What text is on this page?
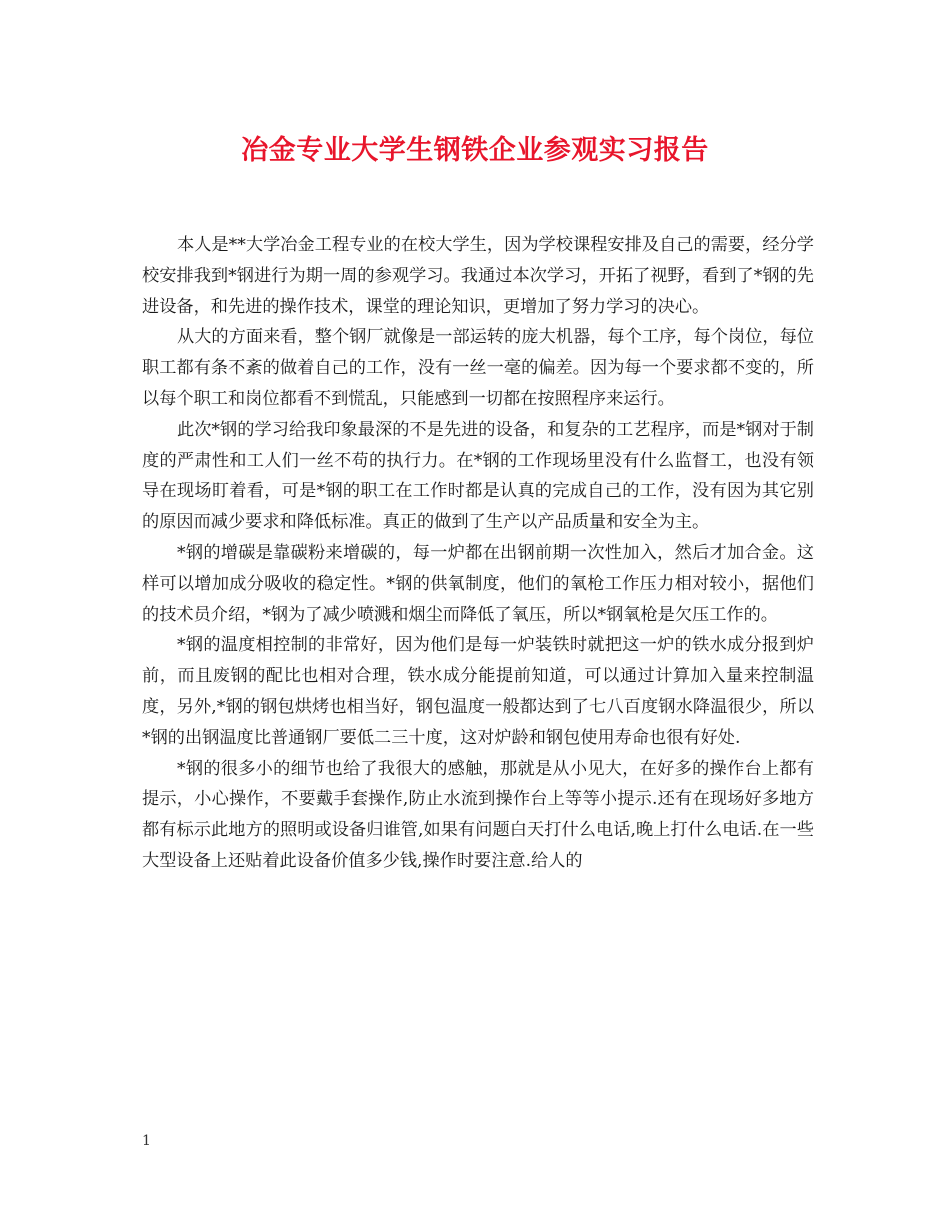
冶金专业大学生钢铁企业参观实习报告

本人是**大学冶金工程专业的在校大学生，因为学校课程安排及自己的需要，经分学校安排我到*钢进行为期一周的参观学习。我通过本次学习，开拓了视野，看到了*钢的先进设备，和先进的操作技术，课堂的理论知识，更增加了努力学习的决心。

从大的方面来看，整个钢厂就像是一部运转的庞大机器，每个工序，每个岗位，每位职工都有条不紊的做着自己的工作，没有一丝一毫的偏差。因为每一个要求都不变的，所以每个职工和岗位都看不到慌乱，只能感到一切都在按照程序来运行。

此次*钢的学习给我印象最深的不是先进的设备，和复杂的工艺程序，而是*钢对于制度的严肃性和工人们一丝不苟的执行力。在*钢的工作现场里没有什么监督工，也没有领导在现场盯着看，可是*钢的职工在工作时都是认真的完成自己的工作，没有因为其它别的原因而减少要求和降低标准。真正的做到了生产以产品质量和安全为主。

*钢的增碳是靠碳粉来增碳的，每一炉都在出钢前期一次性加入，然后才加合金。这样可以增加成分吸收的稳定性。*钢的供氧制度，他们的氧枪工作压力相对较小，据他们的技术员介绍，*钢为了减少喷溅和烟尘而降低了氧压，所以*钢氧枪是欠压工作的。

*钢的温度相控制的非常好，因为他们是每一炉装铁时就把这一炉的铁水成分报到炉前，而且废钢的配比也相对合理，铁水成分能提前知道，可以通过计算加入量来控制温度，另外,*钢的钢包烘烤也相当好，钢包温度一般都达到了七八百度钢水降温很少，所以*钢的出钢温度比普通钢厂要低二三十度，这对炉龄和钢包使用寿命也很有好处.

*钢的很多小的细节也给了我很大的感触，那就是从小见大，在好多的操作台上都有提示，小心操作，不要戴手套操作,防止水流到操作台上等等小提示.还有在现场好多地方都有标示此地方的照明或设备归谁管,如果有问题白天打什么电话,晚上打什么电话.在一些大型设备上还贴着此设备价值多少钱,操作时要注意.给人的

1
